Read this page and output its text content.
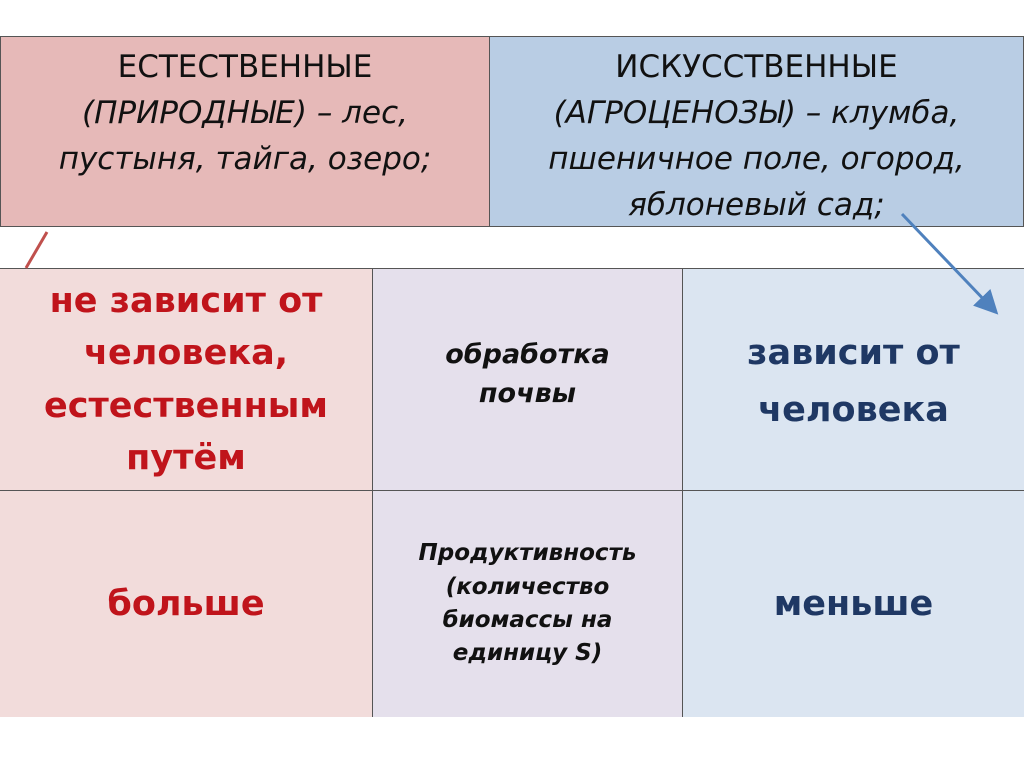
ЕСТЕСТВЕННЫЕ
(ПРИРОДНЫЕ) – лес,
пустыня, тайга, озеро;
ИСКУССТВЕННЫЕ
(АГРОЦЕНОЗЫ) – клумба,
пшеничное поле, огород,
яблоневый сад;
не зависит от
человека,
естественным
путём
обработка
почвы
зависит от
человека
больше
Продуктивность
(количество
биомассы на
единицу S)
меньше
